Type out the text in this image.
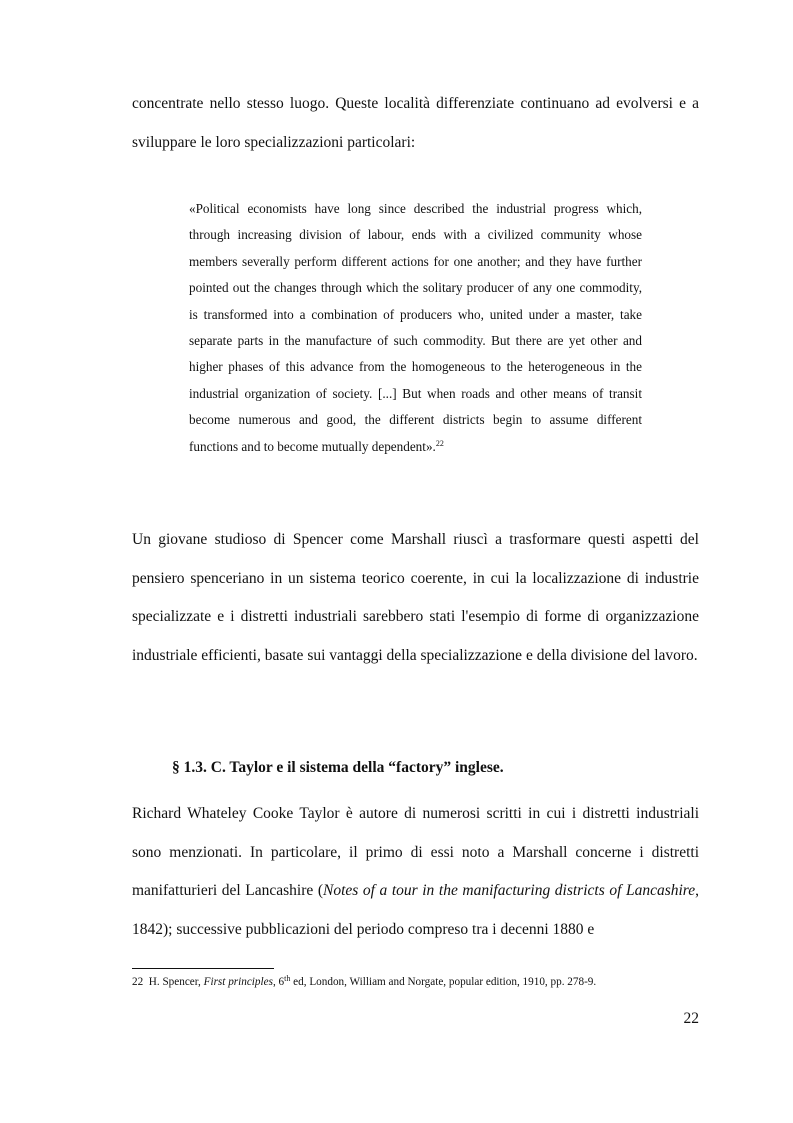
concentrate nello stesso luogo. Queste località differenziate continuano ad evolversi e a sviluppare le loro specializzazioni particolari:

«Political economists have long since described the industrial progress which, through increasing division of labour, ends with a civilized community whose members severally perform different actions for one another; and they have further pointed out the changes through which the solitary producer of any one commodity, is transformed into a combination of producers who, united under a master, take separate parts in the manufacture of such commodity. But there are yet other and higher phases of this advance from the homogeneous to the heterogeneous in the industrial organization of society. [...] But when roads and other means of transit become numerous and good, the different districts begin to assume different functions and to become mutually dependent».$^{22}$

Un giovane studioso di Spencer come Marshall riuscì a trasformare questi aspetti del pensiero spenceriano in un sistema teorico coerente, in cui la localizzazione di industrie specializzate e i distretti industriali sarebbero stati l'esempio di forme di organizzazione industriale efficienti, basate sui vantaggi della specializzazione e della divisione del lavoro.

§ 1.3. C. Taylor e il sistema della “factory” inglese.

Richard Whateley Cooke Taylor è autore di numerosi scritti in cui i distretti industriali sono menzionati. In particolare, il primo di essi noto a Marshall concerne i distretti manifatturieri del Lancashire (Notes of a tour in the manifacturing districts of Lancashire, 1842); successive pubblicazioni del periodo compreso tra i decenni 1880 e

22 H. Spencer, First principles, 6th ed, London, William and Norgate, popular edition, 1910, pp. 278-9.

22
